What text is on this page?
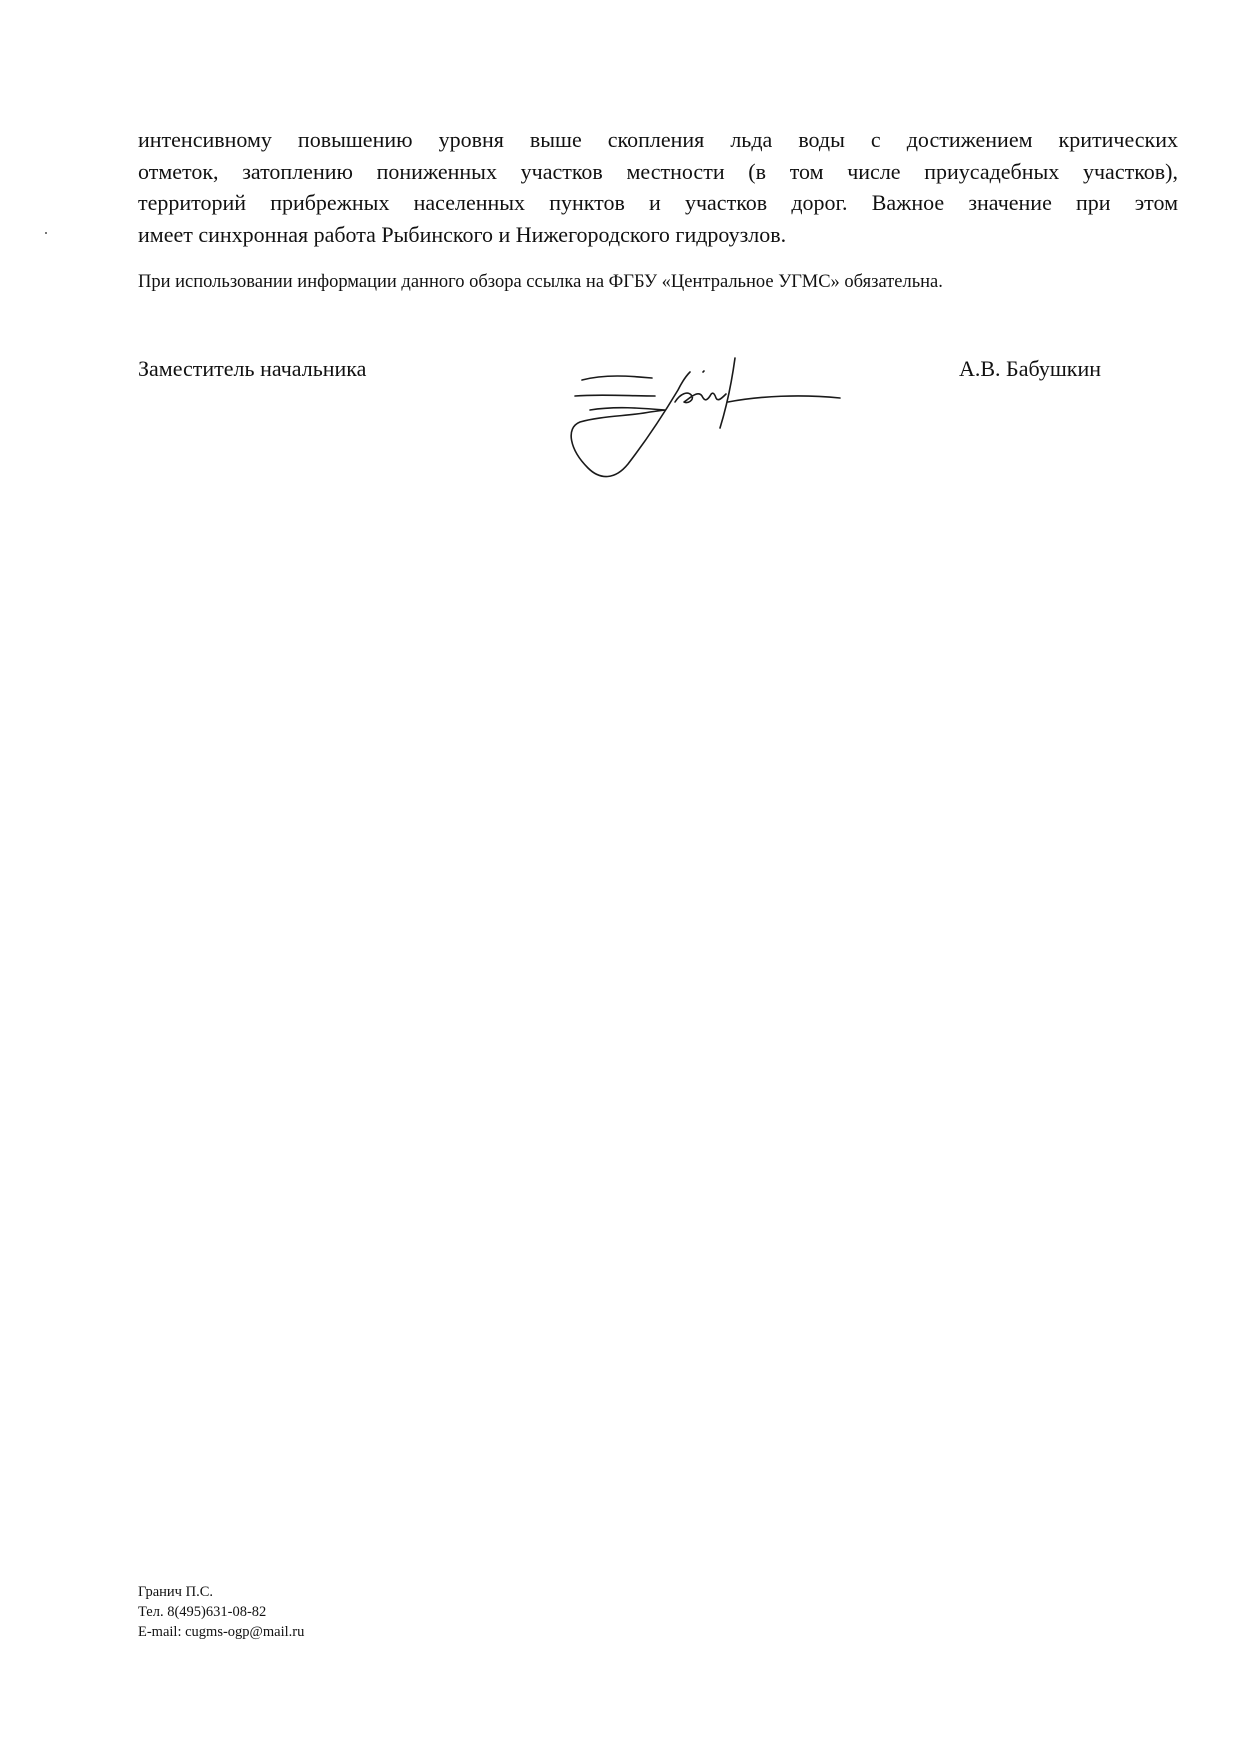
интенсивному повышению уровня выше скопления льда воды с достижением критических
отметок, затоплению пониженных участков местности (в том числе приусадебных участков),
территорий прибрежных населенных пунктов и участков дорог. Важное значение при этом
имеет синхронная работа Рыбинского и Нижегородского гидроузлов.

При использовании информации данного обзора ссылка на ФГБУ «Центральное УГМС» обязательна.

Заместитель начальника	А.В. Бабушкин
Гранич П.С.
Тел. 8(495)631-08-82
E-mail: cugms-ogp@mail.ru
